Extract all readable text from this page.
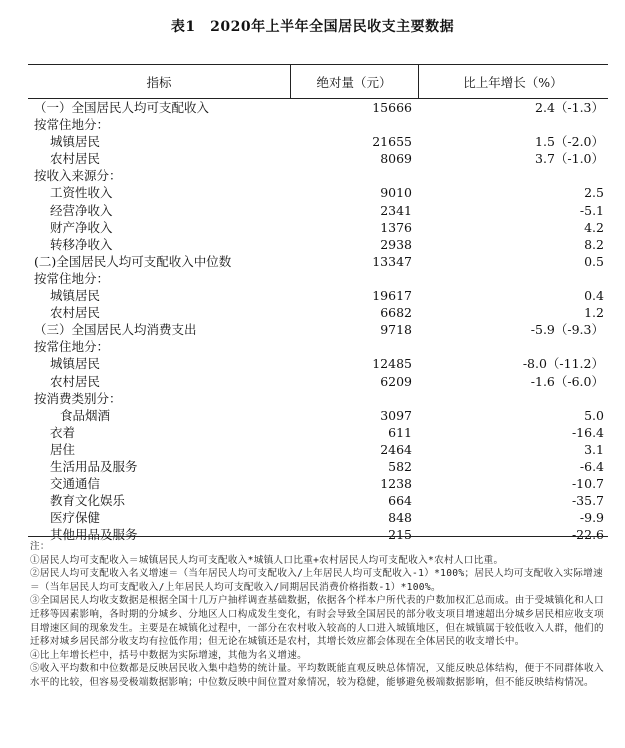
表1　2020年上半年全国居民收支主要数据
指标	绝对量（元）	比上年增长（%）
（一）全国居民人均可支配收入	15666	2.4（-1.3）
按常住地分：
城镇居民	21655	1.5（-2.0）
农村居民	8069	3.7（-1.0）
按收入来源分：
工资性收入	9010	2.5
经营净收入	2341	-5.1
财产净收入	1376	4.2
转移净收入	2938	8.2
(二)全国居民人均可支配收入中位数	13347	0.5
按常住地分：
城镇居民	19617	0.4
农村居民	6682	1.2
（三）全国居民人均消费支出	9718	-5.9（-9.3）
按常住地分：
城镇居民	12485	-8.0（-11.2）
农村居民	6209	-1.6（-6.0）
按消费类别分：
食品烟酒	3097	5.0
衣着	611	-16.4
居住	2464	3.1
生活用品及服务	582	-6.4
交通通信	1238	-10.7
教育文化娱乐	664	-35.7
医疗保健	848	-9.9
其他用品及服务	215	-22.6

注：

①居民人均可支配收入＝城镇居民人均可支配收入*城镇人口比重+农村居民人均可支配收入*农村人口比重。

②居民人均可支配收入名义增速＝（当年居民人均可支配收入/上年居民人均可支配收入-1）*100%；居民人均可支配收入实际增速＝（当年居民人均可支配收入/上年居民人均可支配收入/同期居民消费价格指数-1）*100%。

③全国居民人均收支数据是根据全国十几万户抽样调查基础数据，依据各个样本户所代表的户数加权汇总而成。由于受城镇化和人口迁移等因素影响，各时期的分城乡、分地区人口构成发生变化，有时会导致全国居民的部分收支项目增速超出分城乡居民相应收支项目增速区间的现象发生。主要是在城镇化过程中，一部分在农村收入较高的人口进入城镇地区，但在城镇属于较低收入人群，他们的迁移对城乡居民部分收支均有拉低作用；但无论在城镇还是农村，其增长效应都会体现在全体居民的收支增长中。

④比上年增长栏中，括号中数据为实际增速，其他为名义增速。

⑤收入平均数和中位数都是反映居民收入集中趋势的统计量。平均数既能直观反映总体情况，又能反映总体结构，便于不同群体收入水平的比较，但容易受极端数据影响；中位数反映中间位置对象情况，较为稳健，能够避免极端数据影响，但不能反映结构情况。
